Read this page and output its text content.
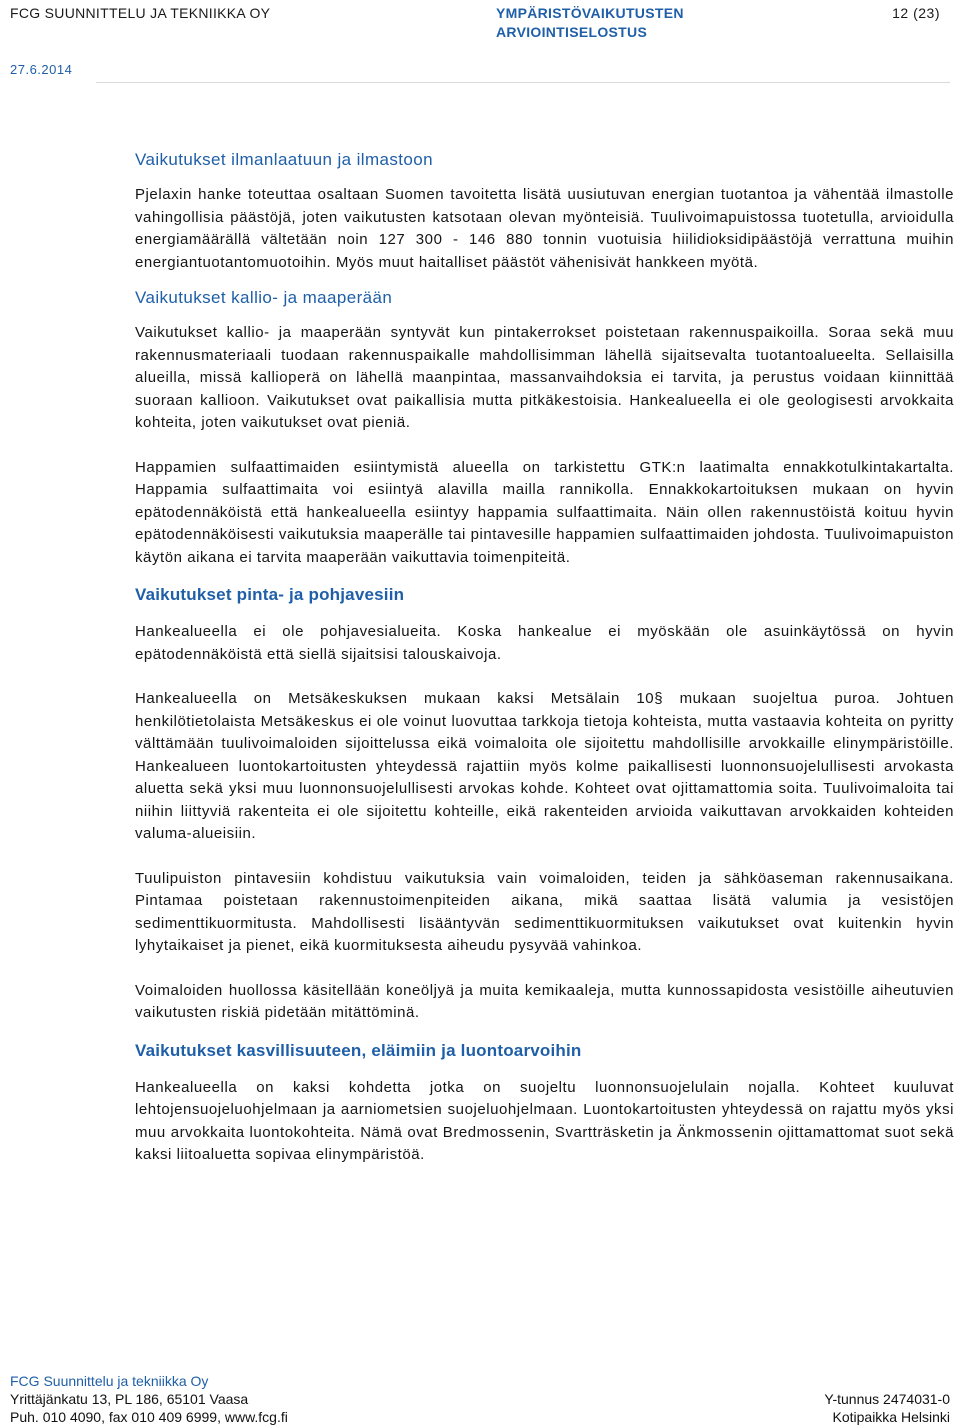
FCG SUUNNITTELU JA TEKNIIKKA OY	YMPÄRISTÖVAIKUTUSTEN
ARVIOINTISELOSTUS
12 (23)
27.6.2014
Vaikutukset ilmanlaatuun ja ilmastoon

Pjelaxin hanke toteuttaa osaltaan Suomen tavoitetta lisätä uusiutuvan energian tuotantoa ja vähentää ilmastolle vahingollisia päästöjä, joten vaikutusten katsotaan olevan myönteisiä. Tuulivoimapuistossa tuotetulla, arvioidulla energiamäärällä vältetään noin 127 300 - 146 880 tonnin vuotuisia hiilidioksidipäästöjä verrattuna muihin energiantuotantomuotoihin. Myös muut haitalliset päästöt vähenisivät hankkeen myötä.

Vaikutukset kallio- ja maaperään

Vaikutukset kallio- ja maaperään syntyvät kun pintakerrokset poistetaan rakennuspaikoilla. Soraa sekä muu rakennusmateriaali tuodaan rakennuspaikalle mahdollisimman lähellä sijaitsevalta tuotantoalueelta. Sellaisilla alueilla, missä kallioperä on lähellä maanpintaa, massanvaihdoksia ei tarvita, ja perustus voidaan kiinnittää suoraan kallioon. Vaikutukset ovat paikallisia mutta pitkäkestoisia. Hankealueella ei ole geologisesti arvokkaita kohteita, joten vaikutukset ovat pieniä.

Happamien sulfaattimaiden esiintymistä alueella on tarkistettu GTK:n laatimalta ennakkotulkintakartalta. Happamia sulfaattimaita voi esiintyä alavilla mailla rannikolla. Ennakkokartoituksen mukaan on hyvin epätodennäköistä että hankealueella esiintyy happamia sulfaattimaita. Näin ollen rakennustöistä koituu hyvin epätodennäköisesti vaikutuksia maaperälle tai pintavesille happamien sulfaattimaiden johdosta. Tuulivoimapuiston käytön aikana ei tarvita maaperään vaikuttavia toimenpiteitä.

Vaikutukset pinta- ja pohjavesiin

Hankealueella ei ole pohjavesialueita. Koska hankealue ei myöskään ole asuinkäytössä on hyvin epätodennäköistä että siellä sijaitsisi talouskaivoja.

Hankealueella on Metsäkeskuksen mukaan kaksi Metsälain 10§ mukaan suojeltua puroa. Johtuen henkilötietolaista Metsäkeskus ei ole voinut luovuttaa tarkkoja tietoja kohteista, mutta vastaavia kohteita on pyritty välttämään tuulivoimaloiden sijoittelussa eikä voimaloita ole sijoitettu mahdollisille arvokkaille elinympäristöille. Hankealueen luontokartoitusten yhteydessä rajattiin myös kolme paikallisesti luonnonsuojelullisesti arvokasta aluetta sekä yksi muu luonnonsuojelullisesti arvokas kohde. Kohteet ovat ojittamattomia soita. Tuulivoimaloita tai niihin liittyviä rakenteita ei ole sijoitettu kohteille, eikä rakenteiden arvioida vaikuttavan arvokkaiden kohteiden valuma-alueisiin.

Tuulipuiston pintavesiin kohdistuu vaikutuksia vain voimaloiden, teiden ja sähköaseman rakennusaikana. Pintamaa poistetaan rakennustoimenpiteiden aikana, mikä saattaa lisätä valumia ja vesistöjen sedimenttikuormitusta. Mahdollisesti lisääntyvän sedimenttikuormituksen vaikutukset ovat kuitenkin hyvin lyhytaikaiset ja pienet, eikä kuormituksesta aiheudu pysyvää vahinkoa.

Voimaloiden huollossa käsitellään koneöljyä ja muita kemikaaleja, mutta kunnossapidosta vesistöille aiheutuvien vaikutusten riskiä pidetään mitättöminä.

Vaikutukset kasvillisuuteen, eläimiin ja luontoarvoihin

Hankealueella on kaksi kohdetta jotka on suojeltu luonnonsuojelulain nojalla. Kohteet kuuluvat lehtojensuojeluohjelmaan ja aarniometsien suojeluohjelmaan. Luontokartoitusten yhteydessä on rajattu myös yksi muu arvokkaita luontokohteita. Nämä ovat Bredmossenin, Svartträsketin ja Änkmossenin ojittamattomat suot sekä kaksi liitoaluetta sopivaa elinympäristöä.

FCG Suunnittelu ja tekniikka Oy
Yrittäjänkatu 13, PL 186, 65101 Vaasa	Y-tunnus 2474031-0
Puh. 010 4090, fax 010 409 6999, www.fcg.fi	Kotipaikka Helsinki
